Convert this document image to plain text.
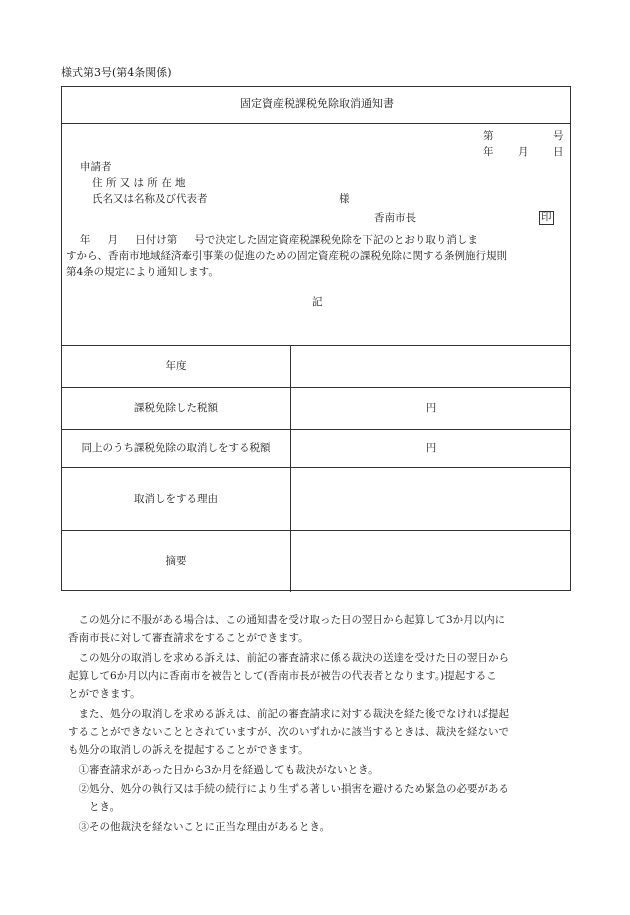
様式第3号(第4条関係)
固定資産税課税免除取消通知書
第	号
年 月 日
申請者
住 所 又 は 所 在 地
氏名又は名称及び代表者	様
香南市長	印
　 年 　 月 　 日付け第 　 号で決定した固定資産税課税免除を下記のとおり取り消しま
すから、香南市地域経済牽引事業の促進のための固定資産税の課税免除に関する条例施行規則
第4条の規定により通知します。
記
年度
課税免除した税額	円
同上のうち課税免除の取消しをする税額	円
取消しをする理由
摘要
　この処分に不服がある場合は、この通知書を受け取った日の翌日から起算して3か月以内に
香南市長に対して審査請求をすることができます。
　この処分の取消しを求める訴えは、前記の審査請求に係る裁決の送達を受けた日の翌日から
起算して6か月以内に香南市を被告として(香南市長が被告の代表者となります。)提起するこ
とができます。
　また、処分の取消しを求める訴えは、前記の審査請求に対する裁決を経た後でなければ提起
することができないこととされていますが、次のいずれかに該当するときは、裁決を経ないで
も処分の取消しの訴えを提起することができます。
　①審査請求があった日から3か月を経過しても裁決がないとき。
　②処分、処分の執行又は手続の続行により生ずる著しい損害を避けるため緊急の必要がある
　　とき。
　③その他裁決を経ないことに正当な理由があるとき。
